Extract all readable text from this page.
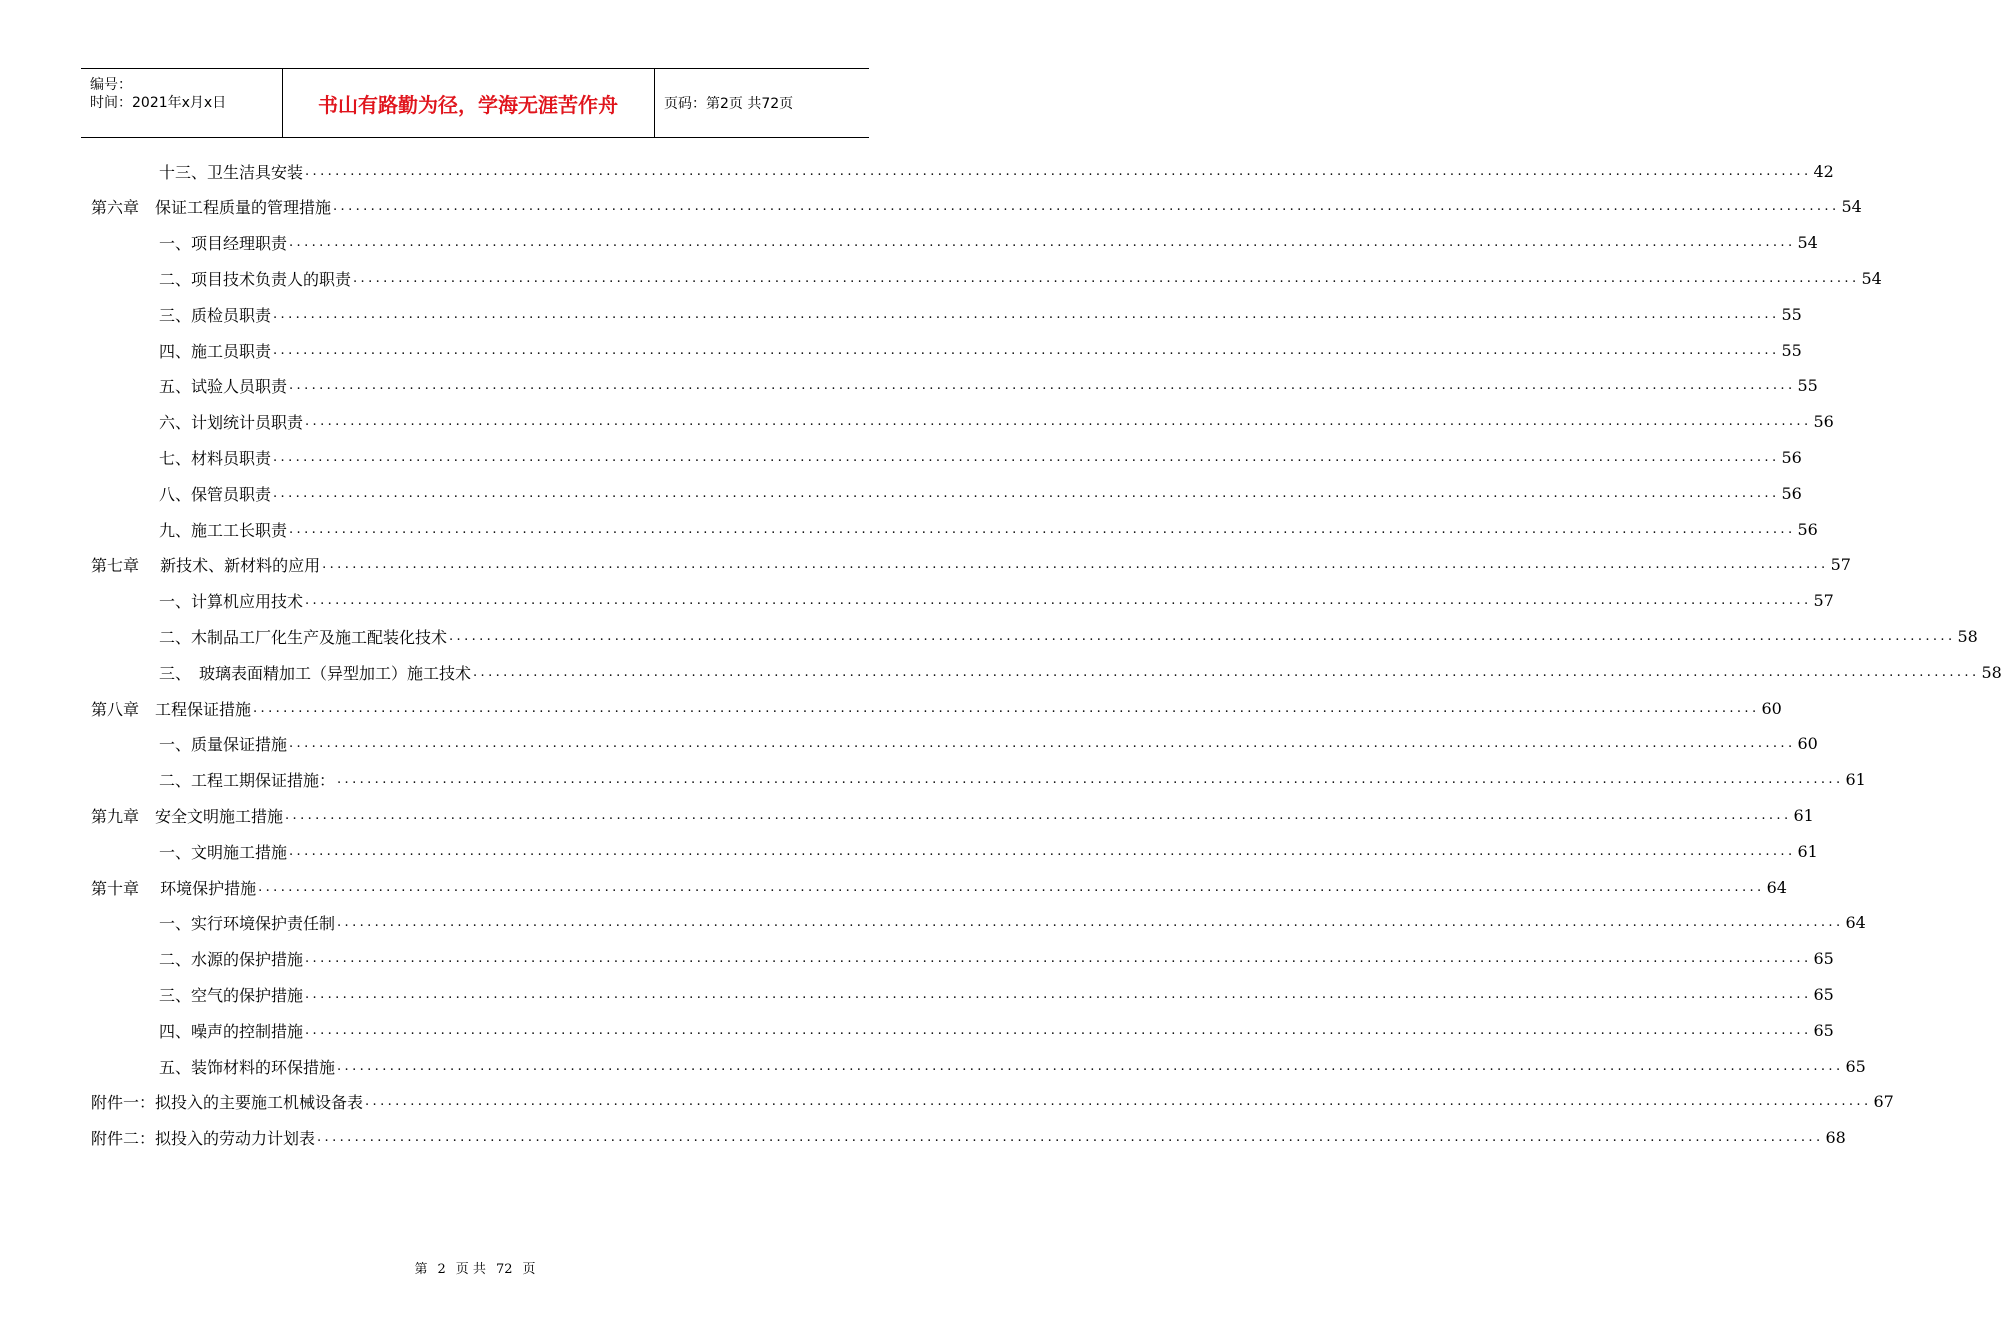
编号：
时间：2021年x月x日	书山有路勤为径，学海无涯苦作舟	页码：第2页 共72页
十三、卫生洁具安装 ........................................................................................................................................................................................................ 42
第六章　保证工程质量的管理措施 ........................................................................................................................................................................................................ 54
一、项目经理职责 ........................................................................................................................................................................................................ 54
二、项目技术负责人的职责 ........................................................................................................................................................................................................ 54
三、质检员职责 ........................................................................................................................................................................................................ 55
四、施工员职责 ........................................................................................................................................................................................................ 55
五、试验人员职责 ........................................................................................................................................................................................................ 55
六、计划统计员职责 ........................................................................................................................................................................................................ 56
七、材料员职责 ........................................................................................................................................................................................................ 56
八、保管员职责 ........................................................................................................................................................................................................ 56
九、施工工长职责 ........................................................................................................................................................................................................ 56
第七章　 新技术、新材料的应用 ........................................................................................................................................................................................................ 57
一、计算机应用技术 ........................................................................................................................................................................................................ 57
二、木制品工厂化生产及施工配装化技术 ........................................................................................................................................................................................................ 58
三、　玻璃表面精加工（异型加工）施工技术 ........................................................................................................................................................................................................ 58
第八章　工程保证措施 ........................................................................................................................................................................................................ 60
一、质量保证措施 ........................................................................................................................................................................................................ 60
二、工程工期保证措施： ........................................................................................................................................................................................................ 61
第九章　安全文明施工措施 ........................................................................................................................................................................................................ 61
一、文明施工措施 ........................................................................................................................................................................................................ 61
第十章　 环境保护措施 ........................................................................................................................................................................................................ 64
一、实行环境保护责任制 ........................................................................................................................................................................................................ 64
二、水源的保护措施 ........................................................................................................................................................................................................ 65
三、空气的保护措施 ........................................................................................................................................................................................................ 65
四、噪声的控制措施 ........................................................................................................................................................................................................ 65
五、装饰材料的环保措施 ........................................................................................................................................................................................................ 65
附件一：拟投入的主要施工机械设备表 ........................................................................................................................................................................................................ 67
附件二：拟投入的劳动力计划表 ........................................................................................................................................................................................................ 68
第 2 页 共 72 页
